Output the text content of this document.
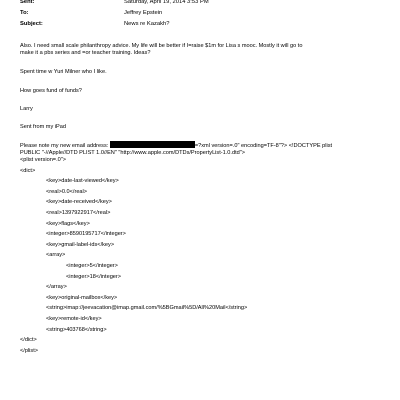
Sent:	Saturday, April 19, 2014 3:53 PM
To:	Jeffrey Epstein
Subject:	News re Kazakh?

Also. I need small scale philanthropy advice. My life will be better if I=raise $1m for Lisa s mooc. Mostly it will go to

make it a pbs series and =or teacher training. Ideas?

Spent time w Yuri Milner who I like.

How goes fund of funds?

Larry

Sent from my iPad

Please note my new email address:	=?xml version=.0" encoding=TF-8"?> <!DOCTYPE plist

PUBLIC "-//Apple//DTD PLIST 1.0//EN" "http://www.apple.com/DTDs/PropertyList-1.0.dtd">

<plist version=.0">

<dict>

<key>date-last-viewed</key>

<real>0.0</real>

<key>date-received</key>

<real>1397922917</real>

<key>flags</key>

<integer>8590195717</integer>

<key>gmail-label-ids</key>

<array>

<integer>5</integer>

<integer>18</integer>

</array>

<key>original-mailbox</key>

<string>imap://jeevacation@imap.gmail.com/%5BGmail%5D/All%20Mail</string>

<key>remote-id</key>

<string>403768</string>

</dict>

</plist>
